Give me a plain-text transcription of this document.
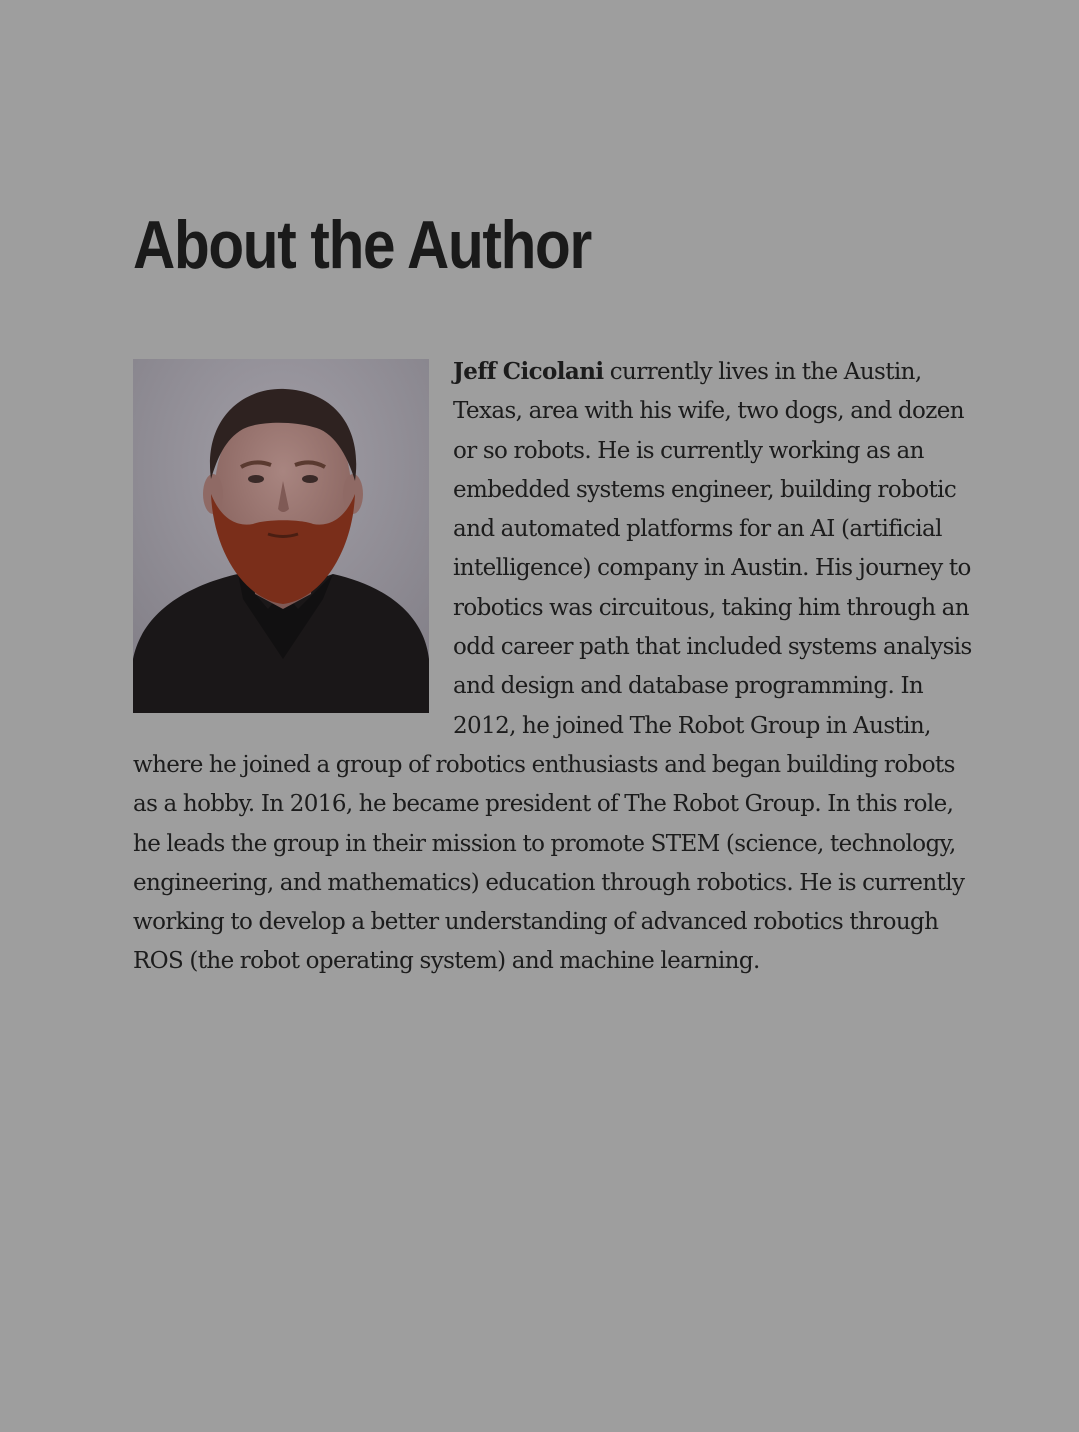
About the Author
Jeff Cicolani currently lives in the Austin, Texas, area with his wife, two dogs, and dozen or so robots. He is currently working as an embedded systems engineer, building robotic and automated platforms for an AI (artificial intelligence) company in Austin. His journey to robotics was circuitous, taking him through an odd career path that included systems analysis and design and database programming. In 2012, he joined The Robot Group in Austin, where he joined a group of robotics enthusiasts and began building robots as a hobby. In 2016, he became president of The Robot Group. In this role, he leads the group in their mission to promote STEM (science, technology, engineering, and mathematics) education through robotics. He is currently working to develop a better understanding of advanced robotics through ROS (the robot operating system) and machine learning.
